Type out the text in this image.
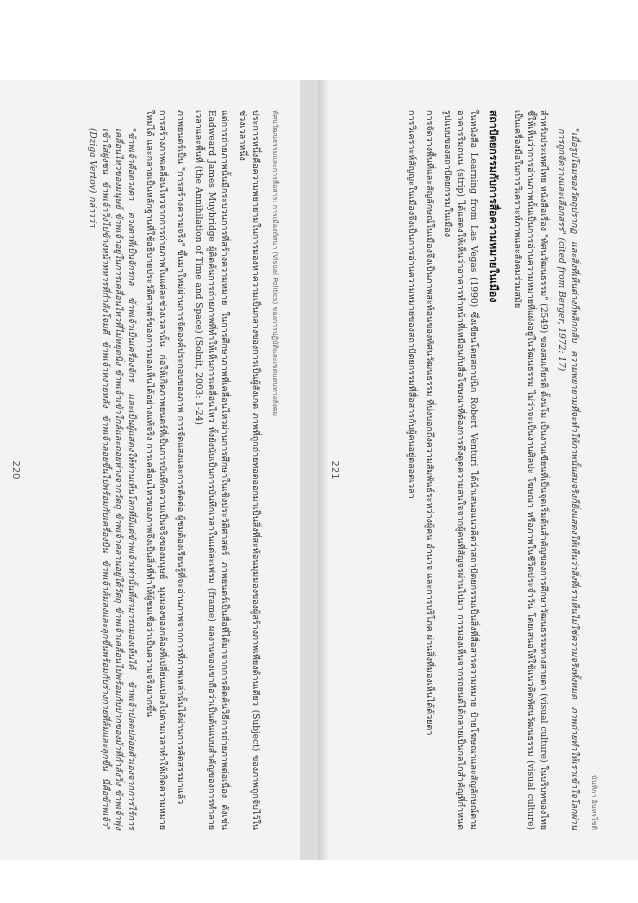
ทัศนวัฒนธรรมและการสื่อสาร: การเมืองทัศนา (Visual Politics) ของการปฏิบัติและเขตแดนทางสังคม

ประการหนึ่งคือความพยายามในการมองหาความเป็นกลางของการเป็นผู้สังเกต ภาพที่ถูกถ่ายทอดออกมาเป็นสิ่งที่สะท้อนมุมมองของผู้สร้างภาพเพียงด้านเดียว (Subject) ของภาพถูกจับไว้ในช่วงเวลาหนึ่ง

แต่การถ่ายภาพนั้นมีกระบวนการที่สร้างความหมาย ในการศึกษาภาพที่เคลื่อนไหวผ่านการศึกษาในเชิงประวัติศาสตร์ ภาพยนตร์เป็นสื่อที่ได้มาจากการคิดค้นวิธีการถ่ายภาพต่อเนื่อง ดังเช่น Eadweard James Muybridge ผู้คิดค้นการถ่ายภาพที่ทำให้เห็นการเคลื่อนไหว ทั้งยังนับเป็นการบันทึกเวลาในแต่ละเฟรม (frame) ผลงานของเขาถือว่าเป็นต้นแบบสำคัญของการทำลายเวลาและพื้นที่ (the Annihilation of Time and Space) (Solnit, 2003: 1-24)

ภาพยนตร์เป็น "การสร้างความจริง" ขึ้นมาใหม่ผ่านการจัดองค์ประกอบของภาพ การจัดแสงและการตัดต่อ ผู้ชมต้องเรียนรู้ที่จะอ่านภาพจากการที่ภาพเหล่านั้นได้ผ่านการคัดสรรมาแล้ว

การสร้างภาพเคลื่อนไหวจากการถ่ายภาพในแต่ละช่วงเวลานั้น ก่อให้เกิดภาพยนตร์ที่เป็นการบันทึกความเป็นจริงของมนุษย์ มุมมองของกล้องที่เปลี่ยนแปลงไปตามเวลาทำให้เกิดความหมายใหม่ได้ และกลายเป็นหลักฐานที่ใช้อธิบายประวัติศาสตร์ของการมองเห็นได้อย่างแท้จริง การเคลื่อนไหวของภาพจึงเป็นสิ่งที่ทำให้ผู้ชมเชื่อว่าเป็นความจริงมากขึ้น

"ข้าพเจ้าคือดวงตา ดวงตาที่เป็นจักรกล ข้าพเจ้าเป็นเครื่องจักร และเป็นผู้แสดงให้ท่านเห็นโลกที่มีแต่ข้าพเจ้าเท่านั้นที่สามารถมองเห็นได้ ข้าพเจ้าปลดปล่อยตัวเองจากการไร้การเคลื่อนไหวของมนุษย์ ข้าพเจ้าอยู่ในการเคลื่อนไหวที่ไม่หยุดนิ่ง ข้าพเจ้าเข้าใกล้และถอยห่างจากวัตถุ ข้าพเจ้าคลานอยู่ใต้วัตถุ ข้าพเจ้าเคลื่อนไปพร้อมกับปากของม้าที่กำลังวิ่ง ข้าพเจ้าพุ่งเข้าใส่ฝูงชน ข้าพเจ้าวิ่งไปข้างหน้าทหารที่กำลังโจมตี ข้าพเจ้าหงายหลัง ข้าพเจ้าลอยขึ้นไปพร้อมกับเครื่องบิน ข้าพเจ้าล้มลงและลุกขึ้นพร้อมกับร่างกายที่ล้มและลุกขึ้น นี่คือข้าพเจ้า" (Dziga Vertov) กล่าวว่า

220
นันทิกา อินทรโชติ

"เมื่อรูปโฉมของวัตถุปรากฏ และสิ่งที่เห็นต่างก็พลิกกลับ ความพยายามที่จะทำให้ภาพนั้นสมจริงก็ยิ่งแสดงให้เห็นว่าสิ่งที่เราเห็นไม่ใช่ความจริงทั้งหมด ภาพถ่ายทำให้เราเข้าใจโลกผ่านการถูกจัดวางและเลือกสรร" (cited from Berger, 1972: 17)

สำหรับประเทศไทย หนังสือเรื่อง "ทัศนวัฒนธรรม" (2549) ของสมเกียรติ ตั้งนโม เป็นงานเขียนที่เป็นจุดเริ่มต้นสำคัญของการศึกษาวัฒนธรรมทางสายตา (visual culture) ในบริบทของไทย ชี้ให้เห็นว่าการอ่านภาพนั้นเป็นการอ่านความหมายที่แฝงอยู่ในวัฒนธรรม ไม่ว่าจะเป็นงานศิลปะ โฆษณา หรือภาพในชีวิตประจำวัน โดยเสนอให้ใช้แนวคิดทัศนวัฒนธรรม (visual culture) เป็นเครื่องมือในการวิเคราะห์ภาพและสังคมร่วมสมัย

สถาปัตยกรรมกับการสื่อความหมายในเมือง

ในหนังสือ Learning from Las Vegas (1990) ซึ่งเขียนโดยสถาปนิก Robert Venturi ได้นำเสนอแนวคิดว่าสถาปัตยกรรมเป็นสิ่งที่สื่อสารความหมาย ป้ายโฆษณาและสัญลักษณ์ตามอาคารริมถนน (strip) ได้แสดงให้เห็นว่าอาคารทำหน้าที่เหมือนกับสื่อโฆษณาที่ต้องการดึงดูดความสนใจจากผู้คนที่สัญจรผ่านไปมา การมองเห็นจากรถยนต์ได้กลายเป็นกลไกสำคัญที่กำหนดรูปแบบของสถาปัตยกรรมในเมือง

การจัดวางพื้นที่และสัญลักษณ์ในเมืองจึงเป็นภาพสะท้อนของทัศนวัฒนธรรม ที่บ่งบอกถึงความสัมพันธ์ระหว่างผู้คน อำนาจ และการบริโภค ผ่านสิ่งที่มองเห็นได้ด้วยตา

การวิเคราะห์สัญญะในเมืองจึงเป็นการอ่านความหมายของสถาปัตยกรรมที่สื่อสารกับผู้คนอยู่ตลอดเวลา

221
